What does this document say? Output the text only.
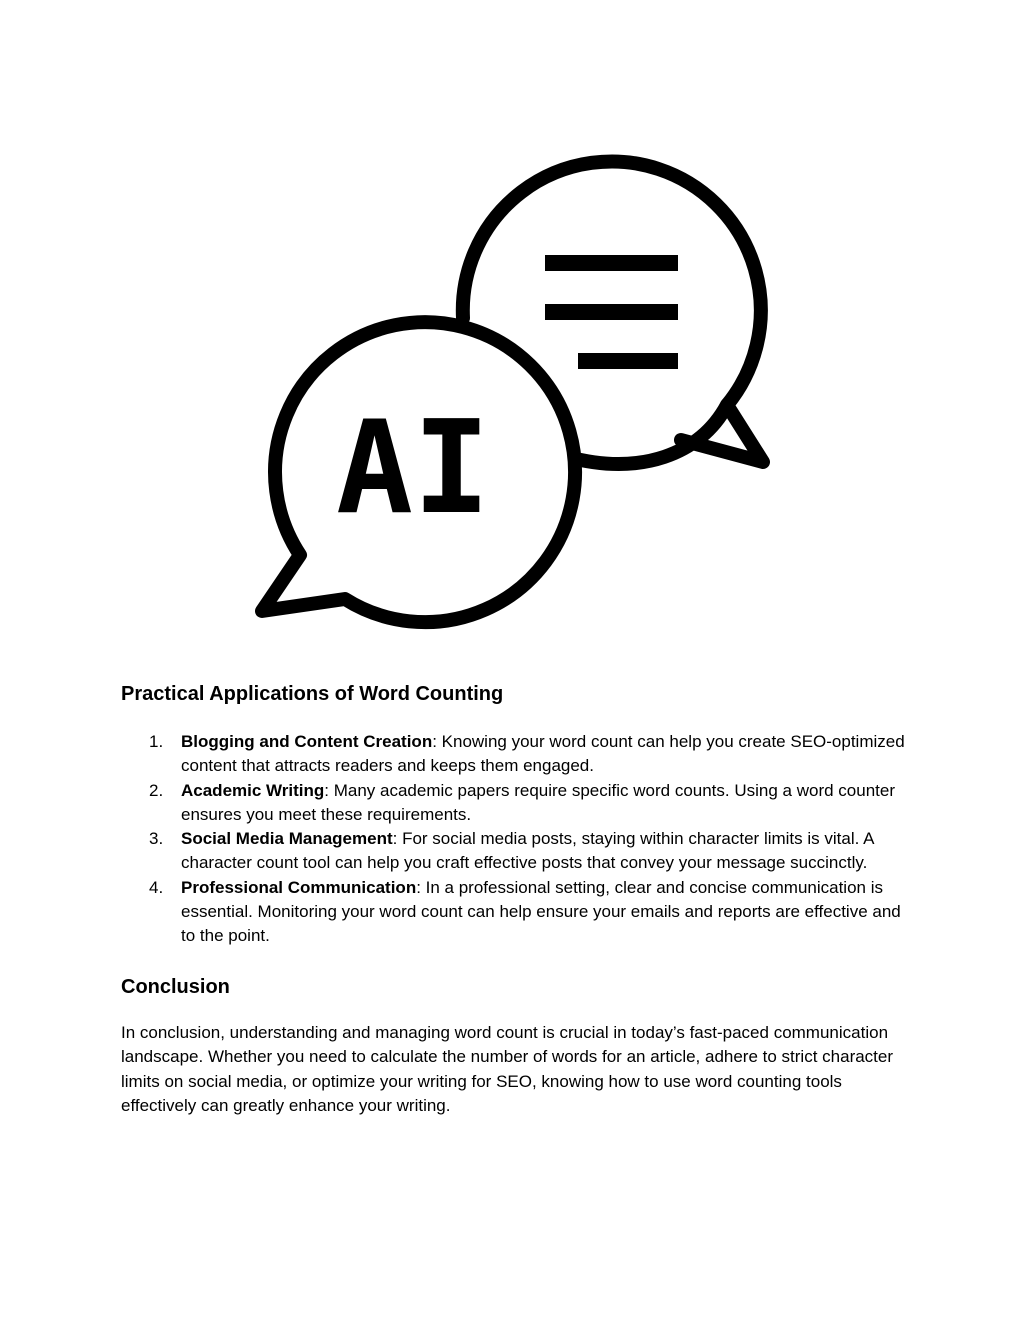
AI
Practical Applications of Word Counting
1. Blogging and Content Creation: Knowing your word count can help you create SEO-optimized content that attracts readers and keeps them engaged.
2. Academic Writing: Many academic papers require specific word counts. Using a word counter ensures you meet these requirements.
3. Social Media Management: For social media posts, staying within character limits is vital. A character count tool can help you craft effective posts that convey your message succinctly.
4. Professional Communication: In a professional setting, clear and concise communication is essential. Monitoring your word count can help ensure your emails and reports are effective and to the point.
Conclusion

In conclusion, understanding and managing word count is crucial in today’s fast-paced communication landscape. Whether you need to calculate the number of words for an article, adhere to strict character limits on social media, or optimize your writing for SEO, knowing how to use word counting tools effectively can greatly enhance your writing.
